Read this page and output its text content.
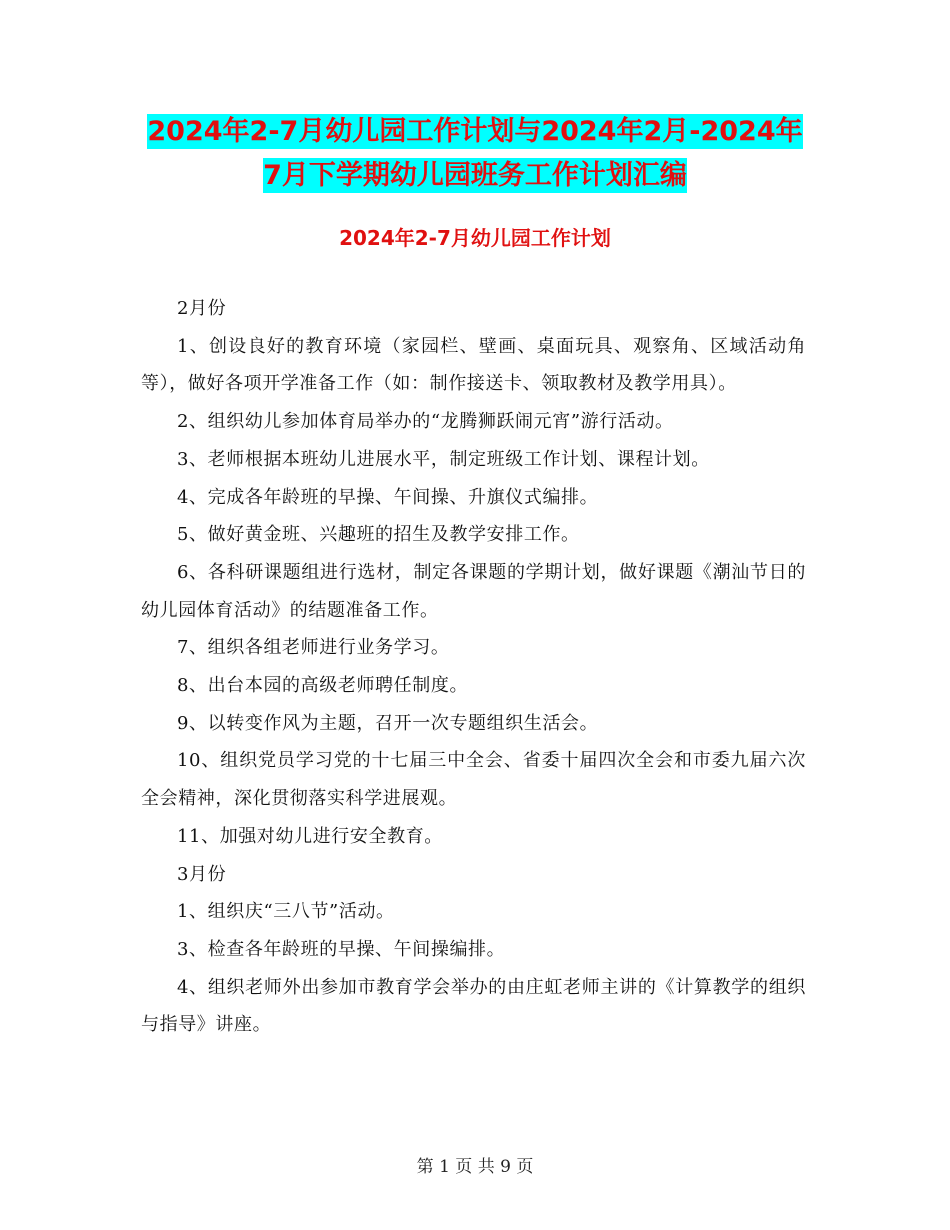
2024年2-7月幼儿园工作计划与2024年2月-2024年
7月下学期幼儿园班务工作计划汇编
2024年2-7月幼儿园工作计划

2月份

1、创设良好的教育环境（家园栏、壁画、桌面玩具、观察角、区域活动角等），做好各项开学准备工作（如：制作接送卡、领取教材及教学用具）。

2、组织幼儿参加体育局举办的“龙腾狮跃闹元宵”游行活动。

3、老师根据本班幼儿进展水平，制定班级工作计划、课程计划。

4、完成各年龄班的早操、午间操、升旗仪式编排。

5、做好黄金班、兴趣班的招生及教学安排工作。

6、各科研课题组进行选材，制定各课题的学期计划，做好课题《潮汕节日的幼儿园体育活动》的结题准备工作。

7、组织各组老师进行业务学习。

8、出台本园的高级老师聘任制度。

9、以转变作风为主题，召开一次专题组织生活会。

10、组织党员学习党的十七届三中全会、省委十届四次全会和市委九届六次全会精神，深化贯彻落实科学进展观。

11、加强对幼儿进行安全教育。

3月份

1、组织庆“三八节”活动。

3、检查各年龄班的早操、午间操编排。

4、组织老师外出参加市教育学会举办的由庄虹老师主讲的《计算教学的组织与指导》讲座。

第 1 页 共 9 页
